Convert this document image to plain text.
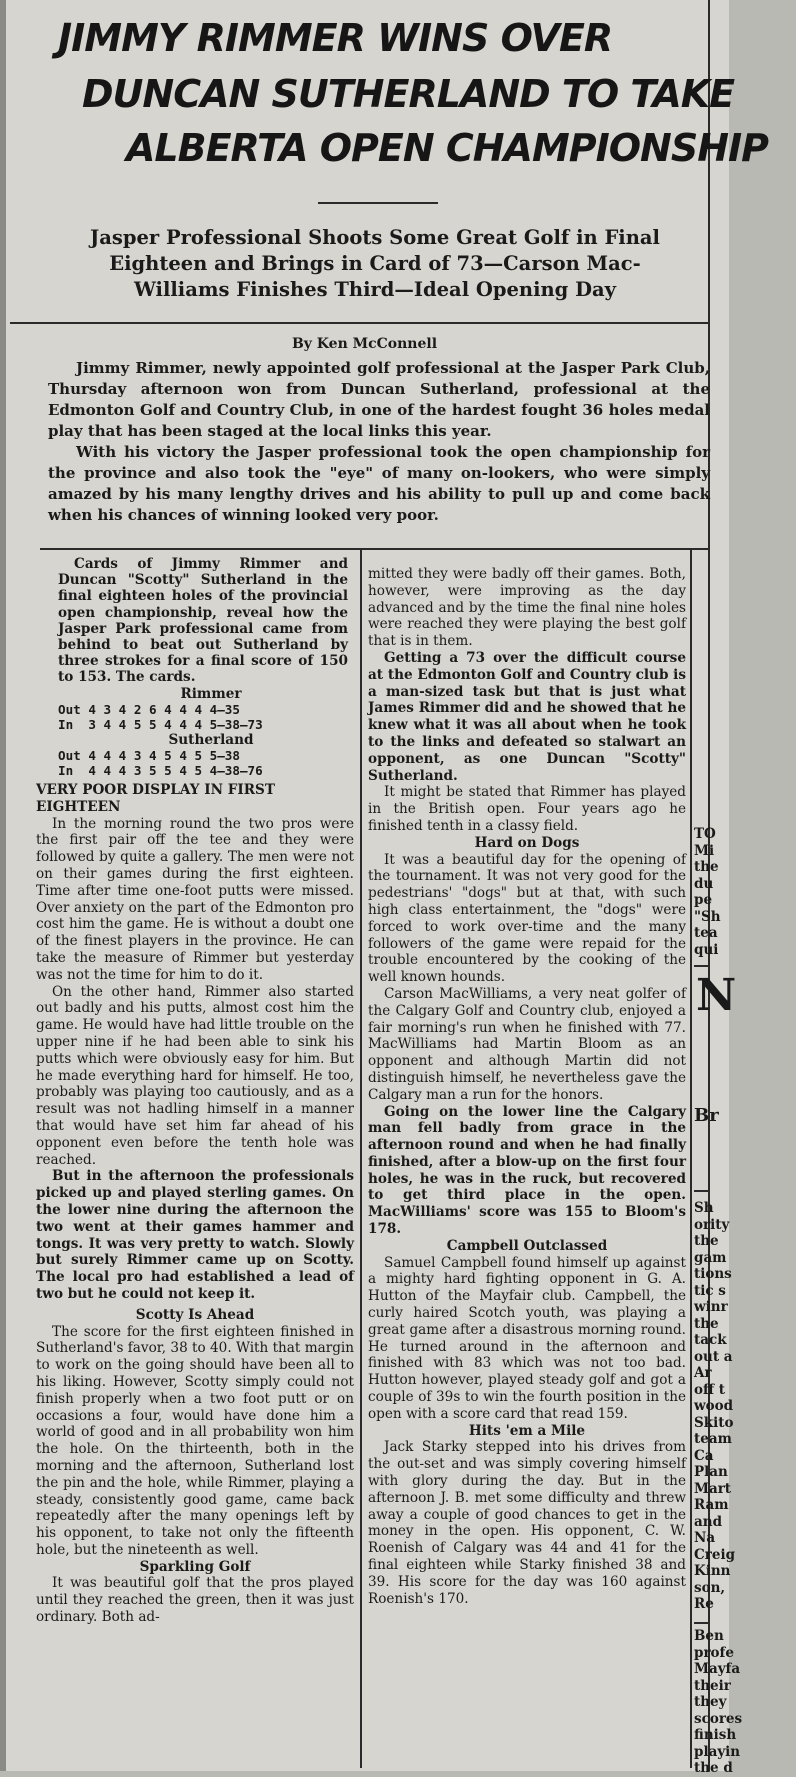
JIMMY RIMMER WINS OVER
DUNCAN SUTHERLAND TO TAKE
ALBERTA OPEN CHAMPIONSHIP
Jasper Professional Shoots Some Great Golf in Final
Eighteen and Brings in Card of 73—Carson Mac-
Williams Finishes Third—Ideal Opening Day
By Ken McConnell

Jimmy Rimmer, newly appointed golf professional at the Jasper Park Club, Thursday afternoon won from Duncan Sutherland, professional at the Edmonton Golf and Country Club, in one of the hardest fought 36 holes medal play that has been staged at the local links this year.

With his victory the Jasper professional took the open championship for the province and also took the "eye" of many on-lookers, who were simply amazed by his many lengthy drives and his ability to pull up and come back when his chances of winning looked very poor.

Cards of Jimmy Rimmer and Duncan "Scotty" Sutherland in the final eighteen holes of the provincial open championship, reveal how the Jasper Park professional came from behind to beat out Sutherland by three strokes for a final score of 150 to 153. The cards.

Rimmer

Out 4 3 4 2 6 4 4 4 4—35
In  3 4 4 5 5 4 4 4 5—38—73

Sutherland

Out 4 4 4 3 4 5 4 5 5—38
In  4 4 4 3 5 5 4 5 4—38—76

VERY POOR DISPLAY IN FIRST EIGHTEEN

In the morning round the two pros were the first pair off the tee and they were followed by quite a gallery. The men were not on their games during the first eighteen. Time after time one-foot putts were missed. Over anxiety on the part of the Edmonton pro cost him the game. He is without a doubt one of the finest players in the province. He can take the measure of Rimmer but yesterday was not the time for him to do it.

On the other hand, Rimmer also started out badly and his putts, almost cost him the game. He would have had little trouble on the upper nine if he had been able to sink his putts which were obviously easy for him. But he made everything hard for himself. He too, probably was playing too cautiously, and as a result was not hadling himself in a manner that would have set him far ahead of his opponent even before the tenth hole was reached.

But in the afternoon the professionals picked up and played sterling games. On the lower nine during the afternoon the two went at their games hammer and tongs. It was very pretty to watch. Slowly but surely Rimmer came up on Scotty. The local pro had established a lead of two but he could not keep it.

Scotty Is Ahead

The score for the first eighteen finished in Sutherland's favor, 38 to 40. With that margin to work on the going should have been all to his liking. However, Scotty simply could not finish properly when a two foot putt or on occasions a four, would have done him a world of good and in all probability won him the hole. On the thirteenth, both in the morning and the afternoon, Sutherland lost the pin and the hole, while Rimmer, playing a steady, consistently good game, came back repeatedly after the many openings left by his opponent, to take not only the fifteenth hole, but the nineteenth as well.

Sparkling Golf

It was beautiful golf that the pros played until they reached the green, then it was just ordinary. Both ad-

mitted they were badly off their games. Both, however, were improving as the day advanced and by the time the final nine holes were reached they were playing the best golf that is in them.

Getting a 73 over the difficult course at the Edmonton Golf and Country club is a man-sized task but that is just what James Rimmer did and he showed that he knew what it was all about when he took to the links and defeated so stalwart an opponent, as one Duncan "Scotty" Sutherland.

It might be stated that Rimmer has played in the British open. Four years ago he finished tenth in a classy field.

Hard on Dogs

It was a beautiful day for the opening of the tournament. It was not very good for the pedestrians' "dogs" but at that, with such high class entertainment, the "dogs" were forced to work over-time and the many followers of the game were repaid for the trouble encountered by the cooking of the well known hounds.

Carson MacWilliams, a very neat golfer of the Calgary Golf and Country club, enjoyed a fair morning's run when he finished with 77. MacWilliams had Martin Bloom as an opponent and although Martin did not distinguish himself, he nevertheless gave the Calgary man a run for the honors.

Going on the lower line the Calgary man fell badly from grace in the afternoon round and when he had finally finished, after a blow-up on the first four holes, he was in the ruck, but recovered to get third place in the open. MacWilliams' score was 155 to Bloom's 178.

Campbell Outclassed

Samuel Campbell found himself up against a mighty hard fighting opponent in G. A. Hutton of the Mayfair club. Campbell, the curly haired Scotch youth, was playing a great game after a disastrous morning round. He turned around in the afternoon and finished with 83 which was not too bad. Hutton however, played steady golf and got a couple of 39s to win the fourth position in the open with a score card that read 159.

Hits 'em a Mile

Jack Starky stepped into his drives from the out-set and was simply covering himself with glory during the day. But in the afternoon J. B. met some difficulty and threw away a couple of good chances to get in the money in the open. His opponent, C. W. Roenish of Calgary was 44 and 41 for the final eighteen while Starky finished 38 and 39. His score for the day was 160 against Roenish's 170.

TO
Mi
the
du
pe
"Sh
tea
qui
N
Br
Sh
ority
the
gam
tions
tic s
winr
the
tack
out a
Ar
off t
wood
Skito
team
Ca
Plan
Mart
Ram
and
Na
Creig
Kinn
son,
Re
Ben
profe
Mayfa
their
they
scores
finish
playin
the d
